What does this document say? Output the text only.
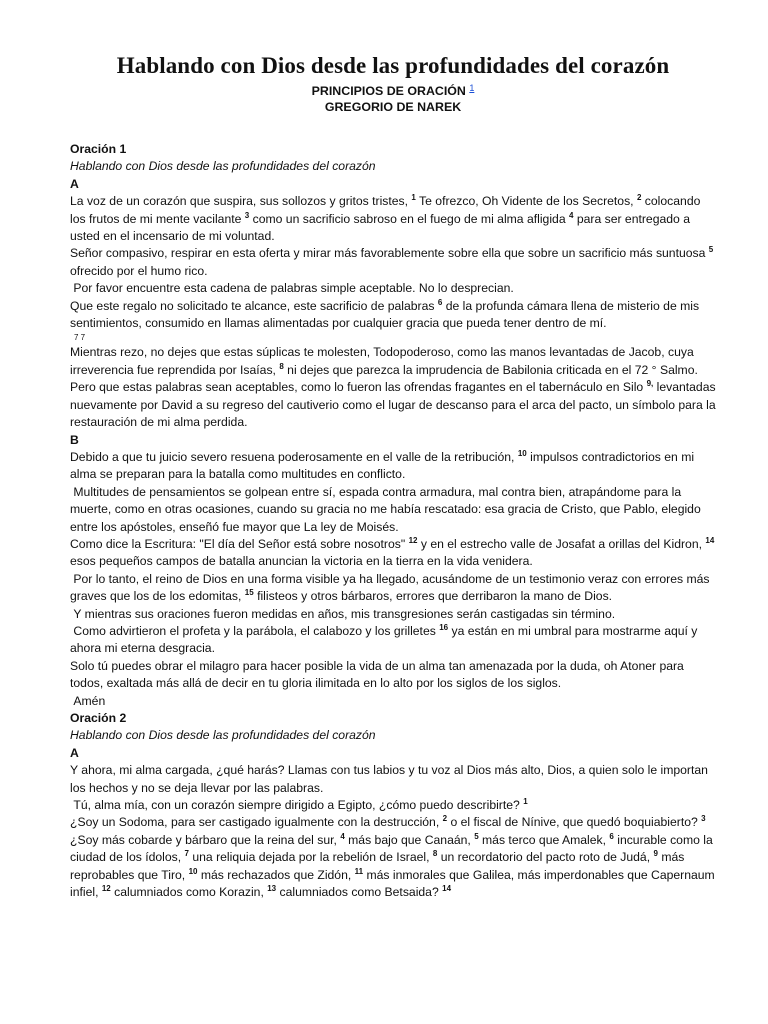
Hablando con Dios desde las profundidades del corazón

PRINCIPIOS DE ORACIÓN $^1$

GREGORIO DE NAREK

Oración 1

Hablando con Dios desde las profundidades del corazón

A

La voz de un corazón que suspira, sus sollozos y gritos tristes, $^1$ Te ofrezco, Oh Vidente de los Secretos, $^2$ colocando los frutos de mi mente vacilante $^3$ como un sacrificio sabroso en el fuego de mi alma afligida $^4$ para ser entregado a usted en el incensario de mi voluntad.

Señor compasivo, respirar en esta oferta y mirar más favorablemente sobre ella que sobre un sacrificio más suntuosa $^5$ ofrecido por el humo rico.

Por favor encuentre esta cadena de palabras simple aceptable. No lo desprecian.

Que este regalo no solicitado te alcance, este sacrificio de palabras $^6$ de la profunda cámara llena de misterio de mis sentimientos, consumido en llamas alimentadas por cualquier gracia que pueda tener dentro de mí.

7 7

Mientras rezo, no dejes que estas súplicas te molesten, Todopoderoso, como las manos levantadas de Jacob, cuya irreverencia fue reprendida por Isaías, $^8$ ni dejes que parezca la imprudencia de Babilonia criticada en el 72 ° Salmo.

Pero que estas palabras sean aceptables, como lo fueron las ofrendas fragantes en el tabernáculo en Silo $^{9,}$ levantadas nuevamente por David a su regreso del cautiverio como el lugar de descanso para el arca del pacto, un símbolo para la restauración de mi alma perdida.

B

Debido a que tu juicio severo resuena poderosamente en el valle de la retribución, $^{10}$ impulsos contradictorios en mi alma se preparan para la batalla como multitudes en conflicto.

Multitudes de pensamientos se golpean entre sí, espada contra armadura, mal contra bien, atrapándome para la muerte, como en otras ocasiones, cuando su gracia no me había rescatado: esa gracia de Cristo, que Pablo, elegido entre los apóstoles, enseñó fue mayor que La ley de Moisés.

Como dice la Escritura: "El día del Señor está sobre nosotros" $^{12}$ y en el estrecho valle de Josafat a orillas del Kidron, $^{14}$ esos pequeños campos de batalla anuncian la victoria en la tierra en la vida venidera.

Por lo tanto, el reino de Dios en una forma visible ya ha llegado, acusándome de un testimonio veraz con errores más graves que los de los edomitas, $^{15}$ filisteos y otros bárbaros, errores que derribaron la mano de Dios.

Y mientras sus oraciones fueron medidas en años, mis transgresiones serán castigadas sin término.

Como advirtieron el profeta y la parábola, el calabozo y los grilletes $^{16}$ ya están en mi umbral para mostrarme aquí y ahora mi eterna desgracia.

Solo tú puedes obrar el milagro para hacer posible la vida de un alma tan amenazada por la duda, oh Atoner para todos, exaltada más allá de decir en tu gloria ilimitada en lo alto por los siglos de los siglos.

Amén

Oración 2

Hablando con Dios desde las profundidades del corazón

A

Y ahora, mi alma cargada, ¿qué harás? Llamas con tus labios y tu voz al Dios más alto, Dios, a quien solo le importan los hechos y no se deja llevar por las palabras.

Tú, alma mía, con un corazón siempre dirigido a Egipto, ¿cómo puedo describirte? $^1$

¿Soy un Sodoma, para ser castigado igualmente con la destrucción, $^2$ o el fiscal de Nínive, que quedó boquiabierto? $^3$

¿Soy más cobarde y bárbaro que la reina del sur, $^4$ más bajo que Canaán, $^5$ más terco que Amalek, $^6$ incurable como la ciudad de los ídolos, $^7$ una reliquia dejada por la rebelión de Israel, $^8$ un recordatorio del pacto roto de Judá, $^9$ más reprobables que Tiro, $^{10}$ más rechazados que Zidón, $^{11}$ más inmorales que Galilea, más imperdonables que Capernaum infiel, $^{12}$ calumniados como Korazin, $^{13}$ calumniados como Betsaida? $^{14}$
